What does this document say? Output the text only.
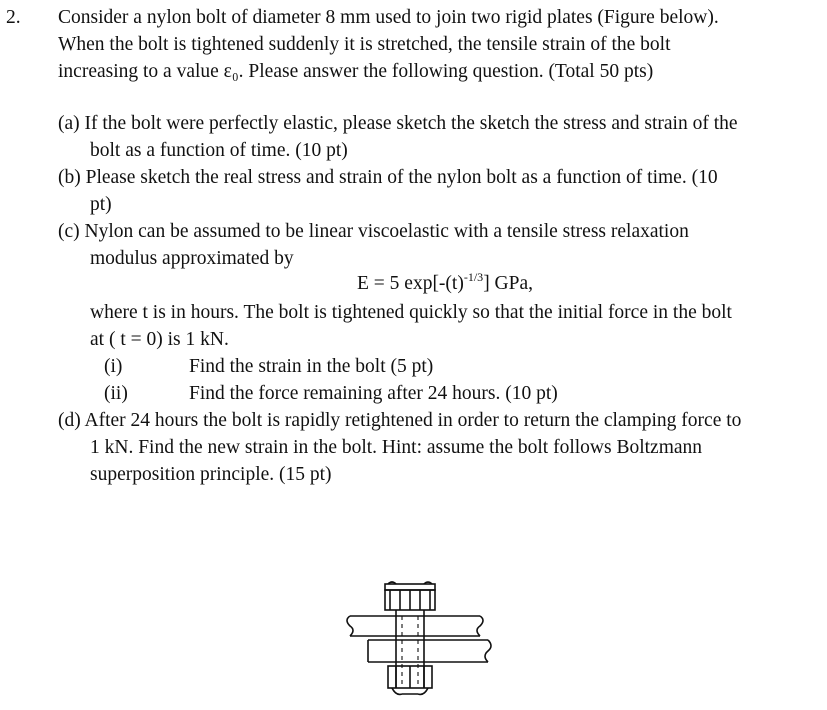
2. Consider a nylon bolt of diameter 8 mm used to join two rigid plates (Figure below).
When the bolt is tightened suddenly it is stretched, the tensile strain of the bolt
increasing to a value ε₀. Please answer the following question. (Total 50 pts)
(a) If the bolt were perfectly elastic, please sketch the sketch the stress and strain of the
bolt as a function of time. (10 pt)
(b) Please sketch the real stress and strain of the nylon bolt as a function of time. (10
pt)
(c) Nylon can be assumed to be linear viscoelastic with a tensile stress relaxation
modulus approximated by
E = 5 $\exp[-(t)^{-1/3}]$ GPa,
where t is in hours. The bolt is tightened quickly so that the initial force in the bolt
at ( t = 0) is 1 kN.
(i)	Find the strain in the bolt (5 pt)
(ii)	Find the force remaining after 24 hours. (10 pt)
(d) After 24 hours the bolt is rapidly retightened in order to return the clamping force to
1 kN. Find the new strain in the bolt. Hint: assume the bolt follows Boltzmann
superposition principle. (15 pt)
